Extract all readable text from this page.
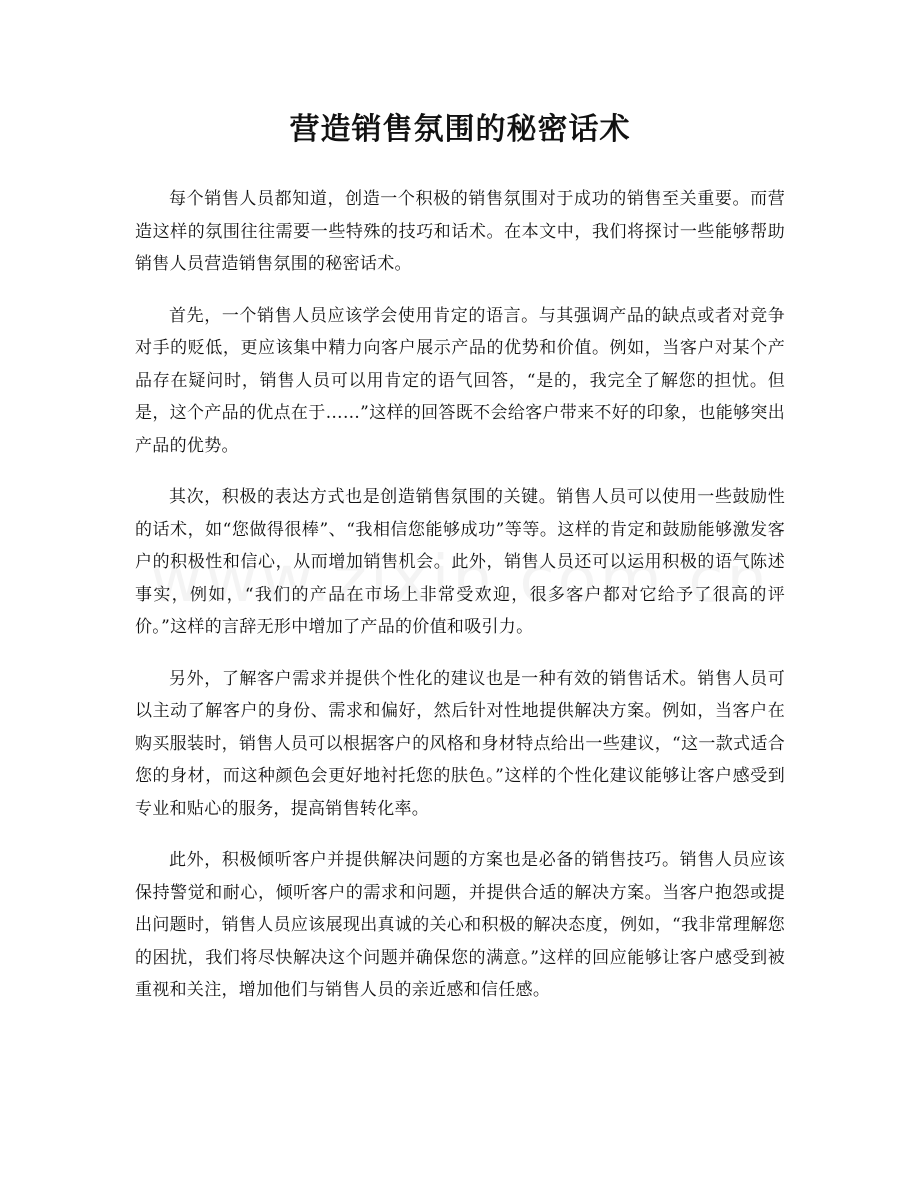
营造销售氛围的秘密话术

每个销售人员都知道，创造一个积极的销售氛围对于成功的销售至关重要。而营造这样的氛围往往需要一些特殊的技巧和话术。在本文中，我们将探讨一些能够帮助销售人员营造销售氛围的秘密话术。

首先，一个销售人员应该学会使用肯定的语言。与其强调产品的缺点或者对竞争对手的贬低，更应该集中精力向客户展示产品的优势和价值。例如，当客户对某个产品存在疑问时，销售人员可以用肯定的语气回答，“是的，我完全了解您的担忧。但是，这个产品的优点在于……”这样的回答既不会给客户带来不好的印象，也能够突出产品的优势。

其次，积极的表达方式也是创造销售氛围的关键。销售人员可以使用一些鼓励性的话术，如“您做得很棒”、“我相信您能够成功”等等。这样的肯定和鼓励能够激发客户的积极性和信心，从而增加销售机会。此外，销售人员还可以运用积极的语气陈述事实，例如，“我们的产品在市场上非常受欢迎，很多客户都对它给予了很高的评价。”这样的言辞无形中增加了产品的价值和吸引力。

另外，了解客户需求并提供个性化的建议也是一种有效的销售话术。销售人员可以主动了解客户的身份、需求和偏好，然后针对性地提供解决方案。例如，当客户在购买服装时，销售人员可以根据客户的风格和身材特点给出一些建议，“这一款式适合您的身材，而这种颜色会更好地衬托您的肤色。”这样的个性化建议能够让客户感受到专业和贴心的服务，提高销售转化率。

此外，积极倾听客户并提供解决问题的方案也是必备的销售技巧。销售人员应该保持警觉和耐心，倾听客户的需求和问题，并提供合适的解决方案。当客户抱怨或提出问题时，销售人员应该展现出真诚的关心和积极的解决态度，例如，“我非常理解您的困扰，我们将尽快解决这个问题并确保您的满意。”这样的回应能够让客户感受到被重视和关注，增加他们与销售人员的亲近感和信任感。
